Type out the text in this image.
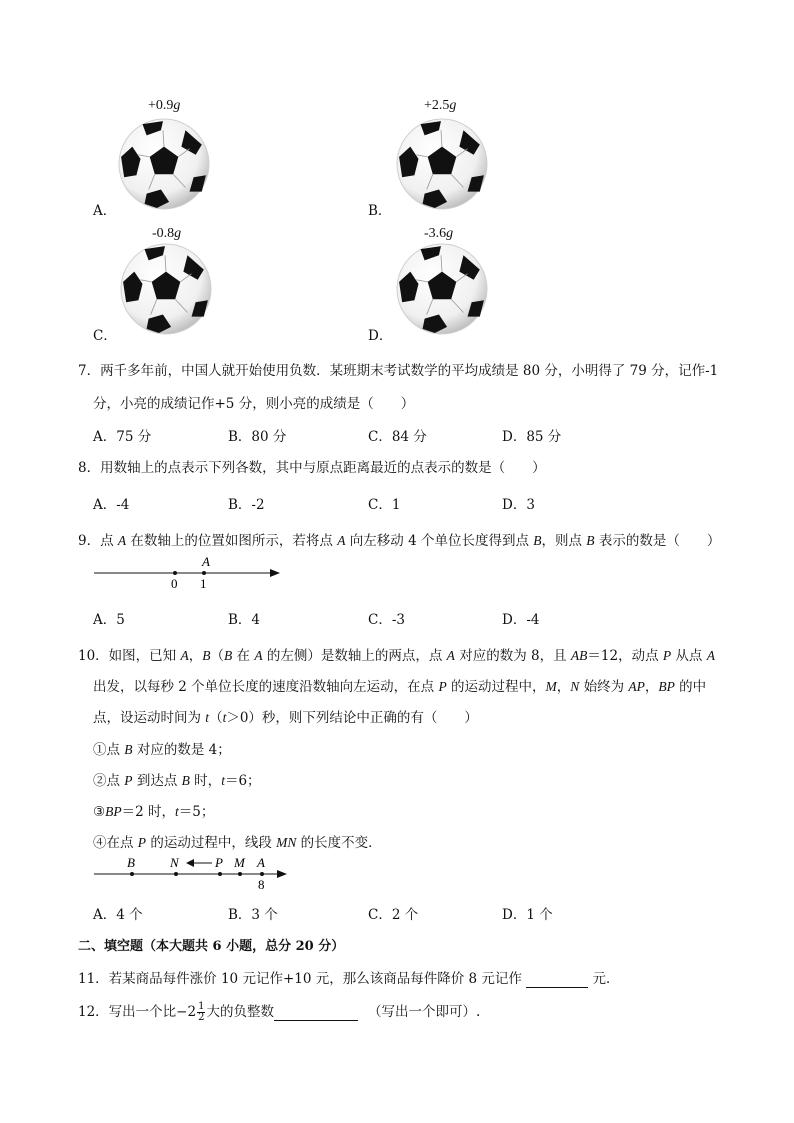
+0.9g
A．
+2.5g
B．
-0.8g
C．
-3.6g
D．
7．两千多年前，中国人就开始使用负数．某班期末考试数学的平均成绩是 80 分，小明得了 79 分，记作-1
分，小亮的成绩记作+5 分，则小亮的成绩是（　　）
A．75 分	B．80 分	C．84 分	D．85 分
8．用数轴上的点表示下列各数，其中与原点距离最近的点表示的数是（　　）
A．-4	B．-2	C．1	D．3
9．点 A 在数轴上的位置如图所示，若将点 A 向左移动 4 个单位长度得到点 B，则点 B 表示的数是（　　）
A
0 1
A．5	B．4	C．-3	D．-4
10．如图，已知 A，B（B 在 A 的左侧）是数轴上的两点，点 A 对应的数为 8，且 AB＝12，动点 P 从点 A
出发，以每秒 2 个单位长度的速度沿数轴向左运动，在点 P 的运动过程中，M，N 始终为 AP，BP 的中
点，设运动时间为 t（t＞0）秒，则下列结论中正确的有（　　）
①点 B 对应的数是 4；
②点 P 到达点 B 时，t＝6；
③BP＝2 时，t＝5；
④在点 P 的运动过程中，线段 MN 的长度不变．
B	N	P M A
8
A．4 个	B．3 个	C．2 个	D．1 个
二、填空题（本大题共 6 小题，总分 20 分）
11．若某商品每件涨价 10 元记作+10 元，那么该商品每件降价 8 元记作	元．
12．写出一个比$-2 \frac{1}{2}$ 大的负整数	（写出一个即可）.
